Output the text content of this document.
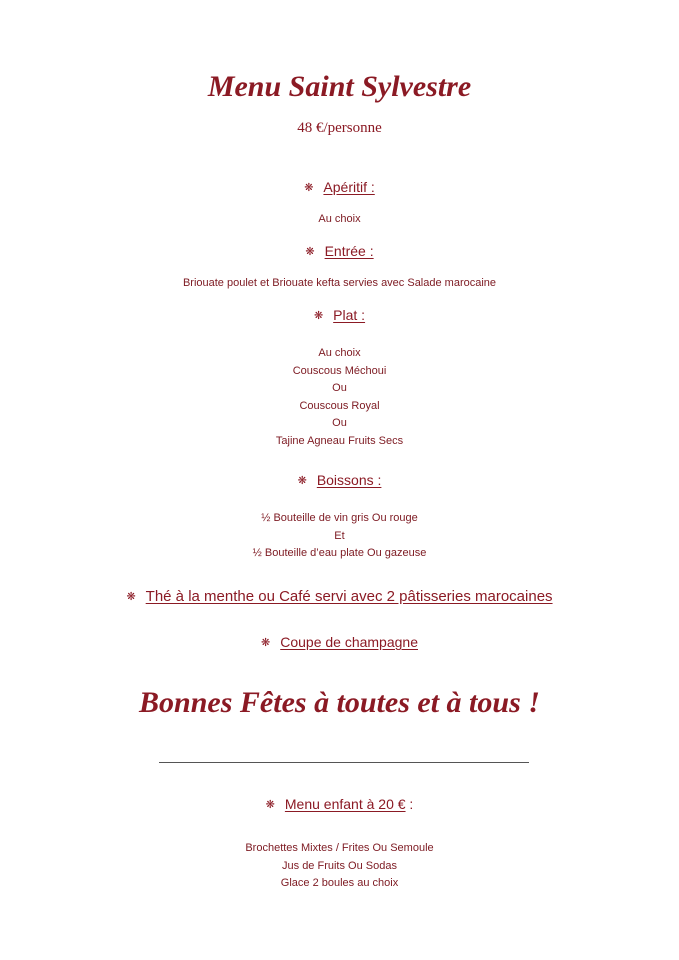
Menu Saint Sylvestre
48 €/personne
❋ Apéritif :
Au choix
❋ Entrée :
Briouate poulet et Briouate kefta servies avec Salade marocaine
❋ Plat :
Au choix
Couscous Méchoui
Ou
Couscous Royal
Ou
Tajine Agneau Fruits Secs
❋ Boissons :
½ Bouteille de vin gris Ou rouge
Et
½ Bouteille d’eau plate Ou gazeuse
❋ Thé à la menthe ou Café servi avec 2 pâtisseries marocaines
❋ Coupe de champagne
Bonnes Fêtes à toutes et à tous !
❋ Menu enfant à 20 € :
Brochettes Mixtes / Frites Ou Semoule
Jus de Fruits Ou Sodas
Glace 2 boules au choix
